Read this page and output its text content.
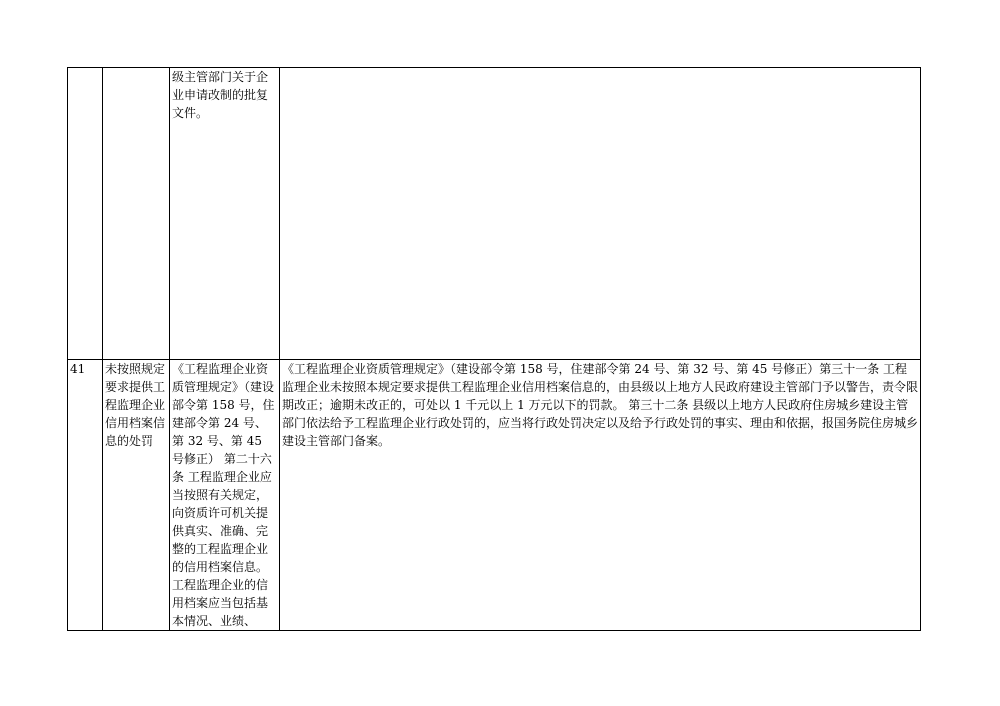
		级主管部门关于企业申请改制的批复文件。	

41	未按照规定要求提供工程监理企业信用档案信息的处罚	《工程监理企业资质管理规定》（建设部令第 158 号，住建部令第 24 号、第 32 号、第 45 号修正） 第二十六条 工程监理企业应当按照有关规定，向资质许可机关提供真实、准确、完整的工程监理企业的信用档案信息。 工程监理企业的信用档案应当包括基本情况、业绩、	《工程监理企业资质管理规定》（建设部令第 158 号，住建部令第 24 号、第 32 号、第 45 号修正）第三十一条 工程监理企业未按照本规定要求提供工程监理企业信用档案信息的，由县级以上地方人民政府建设主管部门予以警告，责令限期改正；逾期未改正的，可处以 1 千元以上 1 万元以下的罚款。 第三十二条 县级以上地方人民政府住房城乡建设主管部门依法给予工程监理企业行政处罚的，应当将行政处罚决定以及给予行政处罚的事实、理由和依据，报国务院住房城乡建设主管部门备案。
